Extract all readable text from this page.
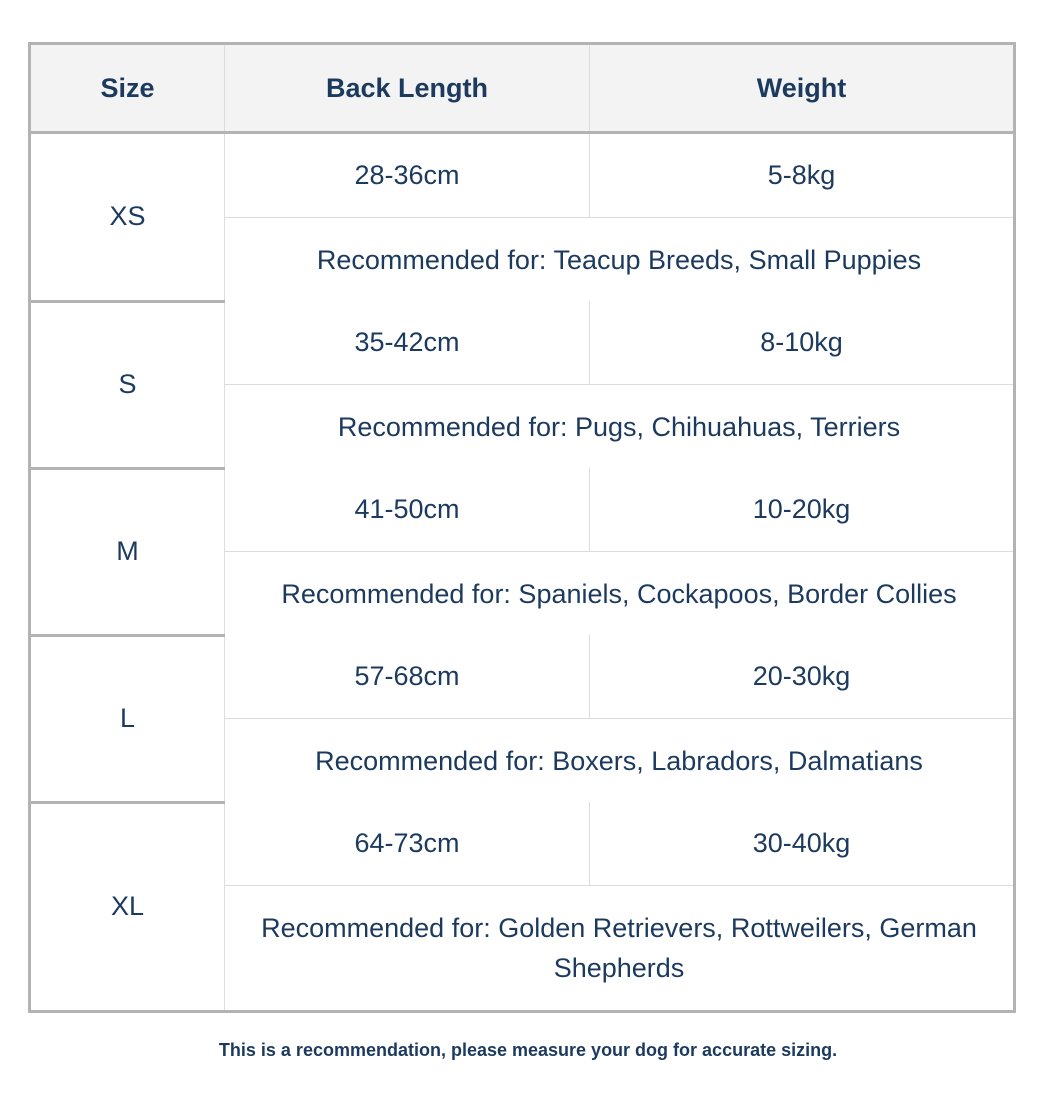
Size	Back Length	Weight
XS	28-36cm	5-8kg
	Recommended for: Teacup Breeds, Small Puppies	
S	35-42cm	8-10kg
	Recommended for: Pugs, Chihuahuas, Terriers	
M	41-50cm	10-20kg
	Recommended for: Spaniels, Cockapoos, Border Collies	
L	57-68cm	20-30kg
	Recommended for: Boxers, Labradors, Dalmatians	
XL	64-73cm	30-40kg
	Recommended for: Golden Retrievers, Rottweilers, German Shepherds	
This is a recommendation, please measure your dog for accurate sizing.
